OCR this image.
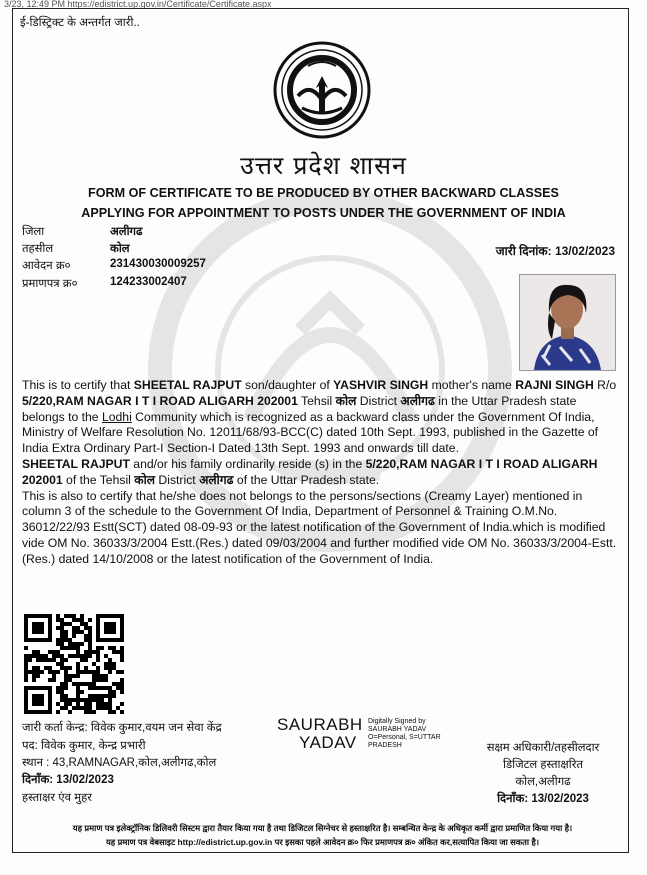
3/23, 12:49 PM https://edistrict.up.gov.in/Certificate/Certificate.aspx
ई-डिस्ट्रिक्ट के अन्तर्गत जारी..
उत्तर प्रदेश शासन
FORM OF CERTIFICATE TO BE PRODUCED BY OTHER BACKWARD CLASSES
APPLYING FOR APPOINTMENT TO POSTS UNDER THE GOVERNMENT OF INDIA
जिला	अलीगढ
तहसील	कोल
आवेदन क्र०	231430030009257
प्रमाणपत्र क्र०	124233002407
जारी दिनांक: 13/02/2023

This is to certify that SHEETAL RAJPUT son/daughter of YASHVIR SINGH mother's name RAJNI SINGH R/o 5/220,RAM NAGAR I T I ROAD ALIGARH 202001 Tehsil कोल District अलीगढ in the Uttar Pradesh state belongs to the Lodhi Community which is recognized as a backward class under the Government Of India, Ministry of Welfare Resolution No. 12011/68/93-BCC(C) dated 10th Sept. 1993, published in the Gazette of India Extra Ordinary Part-I Section-I Dated 13th Sept. 1993 and onwards till date.

SHEETAL RAJPUT and/or his family ordinarily reside (s) in the 5/220,RAM NAGAR I T I ROAD ALIGARH 202001 of the Tehsil कोल District अलीगढ of the Uttar Pradesh state.

This is also to certify that he/she does not belongs to the persons/sections (Creamy Layer) mentioned in column 3 of the schedule to the Government Of India, Department of Personnel & Training O.M.No. 36012/22/93 Estt(SCT) dated 08-09-93 or the latest notification of the Government of India.which is modified vide OM No. 36033/3/2004 Estt.(Res.) dated 09/03/2004 and further modified vide OM No. 36033/3/2004-Estt. (Res.) dated 14/10/2008 or the latest notification of the Government of India.

जारी कर्ता केन्द्र: विवेक कुमार,वयम जन सेवा केंद्र
पद: विवेक कुमार, केन्द्र प्रभारी
स्थान : 43,RAMNAGAR,कोल,अलीगढ,कोल
दिनाँक: 13/02/2023
हस्ताक्षर एंव मुहर
SAURABH
YADAV
Digitally Signed by
SAURABH YADAV
O=Personal, S=UTTAR
PRADESH	सक्षम अधिकारी/तहसीलदार
डिजिटल हस्ताक्षरित
कोल,अलीगढ
दिनाँक: 13/02/2023
यह प्रमाण पत्र इलेक्ट्रॉनिक डिलिवरी सिस्टम द्वारा तैयार किया गया है तथा डिजिटल सिग्नेचर से हस्ताक्षरित है। सम्बन्धित केन्द्र के अधिकृत कर्मी द्वारा प्रमाणित किया गया है।
यह प्रमाण पत्र वेबसाइट http://edistrict.up.gov.in पर इसका पहले आवेदन क्र० फिर प्रमाणपत्र क्र० अंकित कर,सत्यापित किया जा सकता है।
